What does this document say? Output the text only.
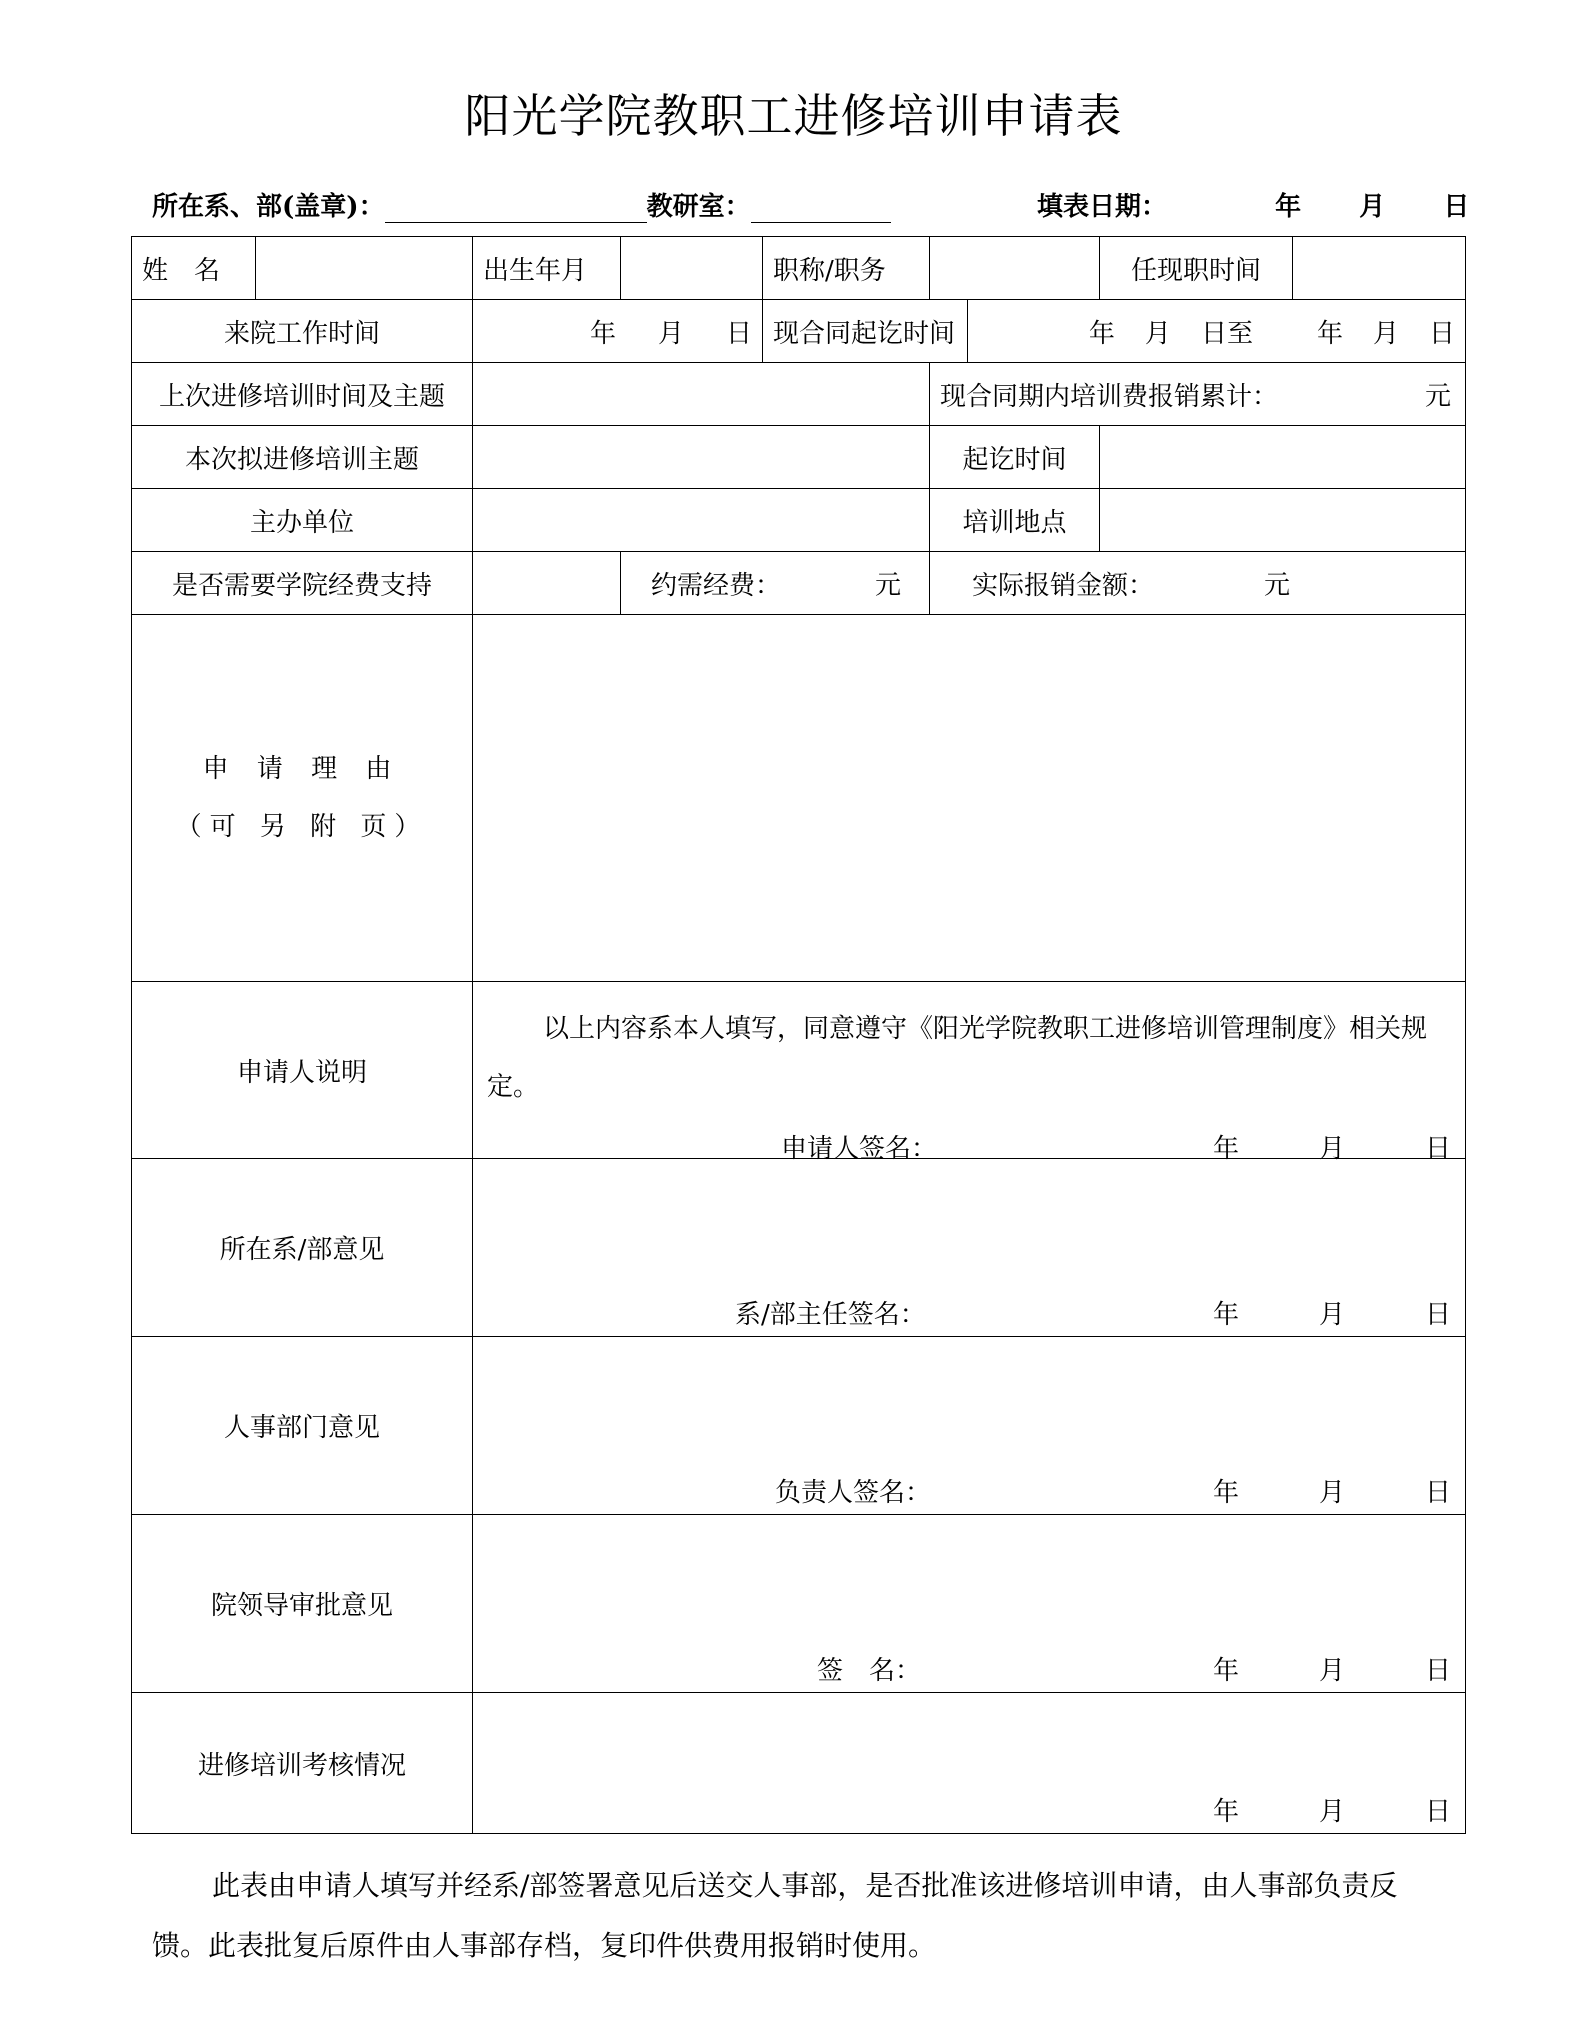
阳光学院教职工进修培训申请表
所在系、部(盖章)：	教研室：	填表日期：	年 月 日
姓　名		出生年月		职称/职务			任现职时间	
来院工作时间		年 月 日		现合同起讫时间		年 月 日至 年 月 日		
上次进修培训时间及主题					现合同期内培训费报销累计： 元			

本次拟进修培训主题					起讫时间			
主办单位					培训地点			
是否需要学院经费支持			约需经费： 元		实际报销金额： 元			

申 请 理 由
（可 另 附 页）								

申请人说明		以上内容系本人填写，同意遵守《阳光学院教职工进修培训管理制度》相关规定。
申请人签名： 年 月 日						

所在系/部意见		系/部主任签名： 年 月 日						

人事部门意见		负责人签名： 年 月 日						

院领导审批意见		签　名： 年 月 日						

进修培训考核情况		年 月 日						
此表由申请人填写并经系/部签署意见后送交人事部，是否批准该进修培训申请，由人事部负责反馈。此表批复后原件由人事部存档，复印件供费用报销时使用。
